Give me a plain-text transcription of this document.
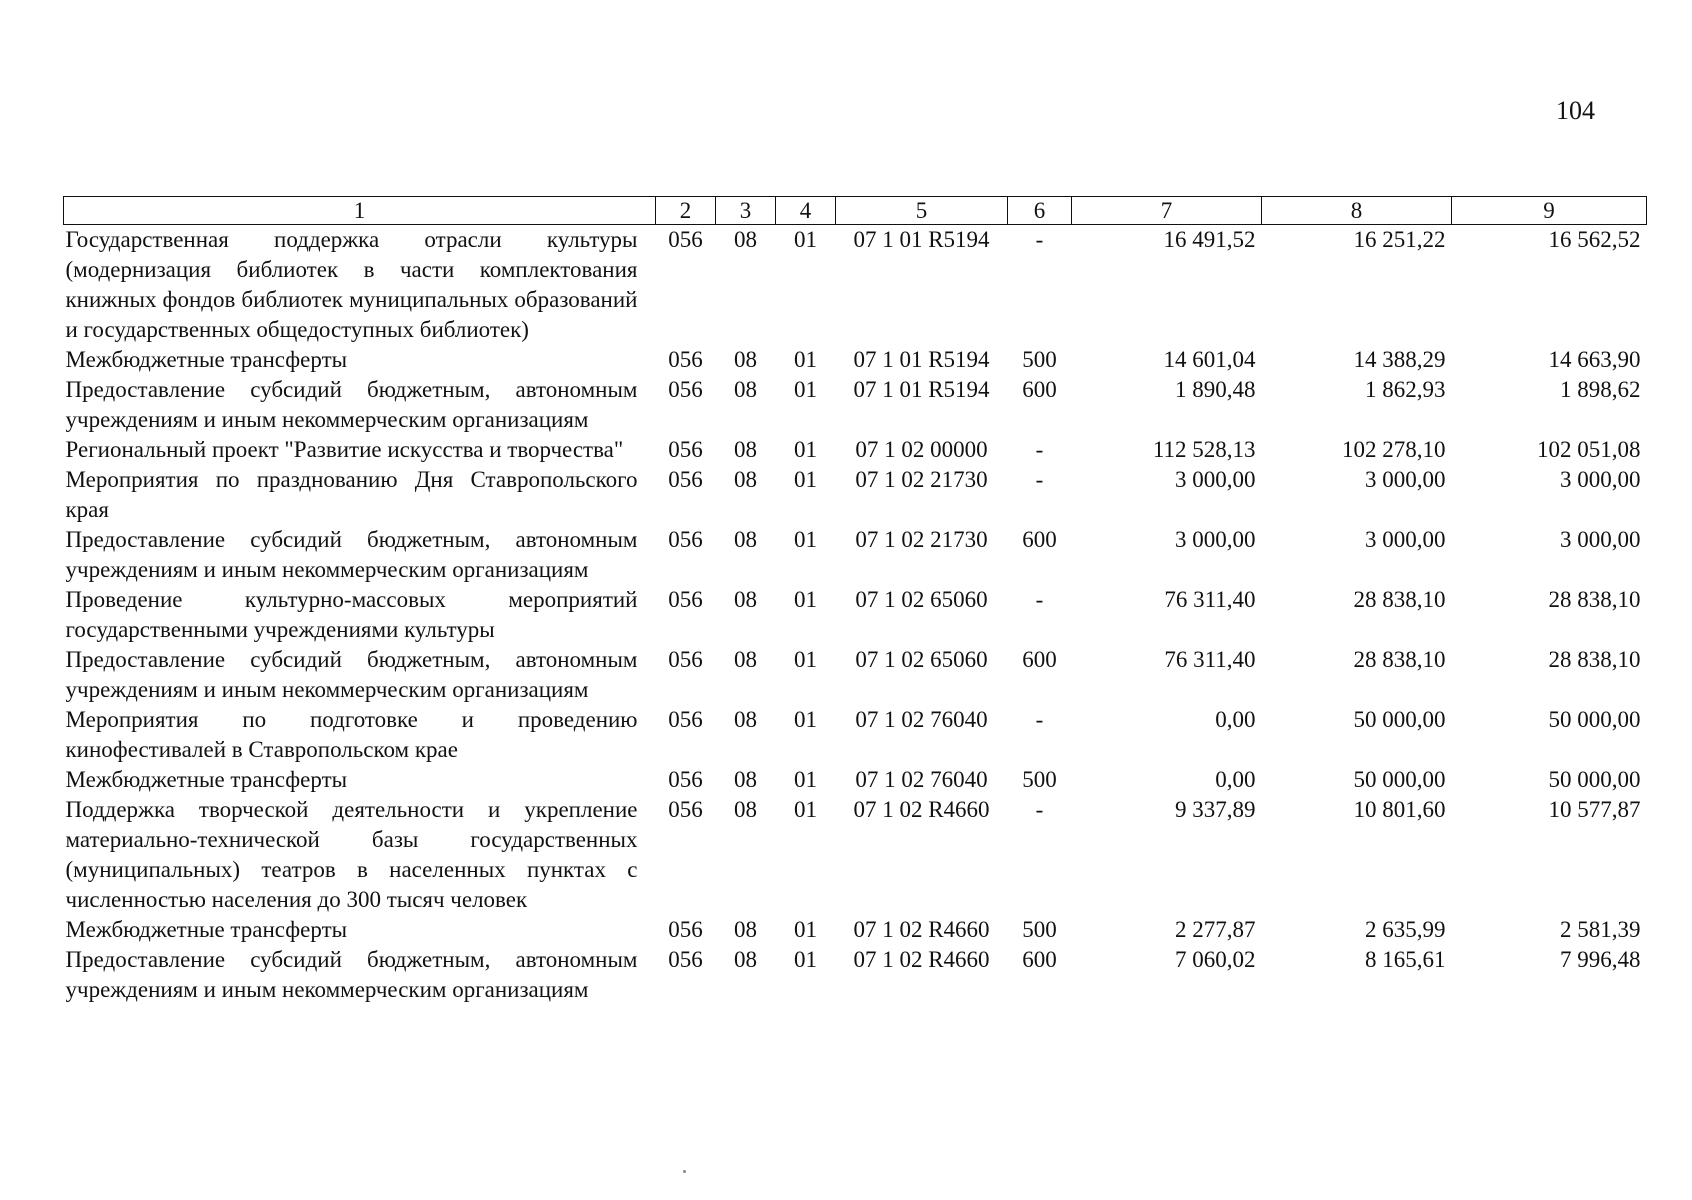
104
1	2	3	4	5	6	7	8	9
Государственная поддержка отрасли культуры (модернизация библиотек в части комплектования книжных фондов библиотек муниципальных образований и государственных общедоступных библиотек)	056	08	01	07 1 01 R5194	-	16 491,52	16 251,22	16 562,52
Межбюджетные трансферты	056	08	01	07 1 01 R5194	500	14 601,04	14 388,29	14 663,90
Предоставление субсидий бюджетным, автономным учреждениям и иным некоммерческим организациям	056	08	01	07 1 01 R5194	600	1 890,48	1 862,93	1 898,62
Региональный проект "Развитие искусства и творчества"	056	08	01	07 1 02 00000	-	112 528,13	102 278,10	102 051,08
Мероприятия по празднованию Дня Ставропольского края	056	08	01	07 1 02 21730	-	3 000,00	3 000,00	3 000,00
Предоставление субсидий бюджетным, автономным учреждениям и иным некоммерческим организациям	056	08	01	07 1 02 21730	600	3 000,00	3 000,00	3 000,00
Проведение культурно-массовых мероприятий государственными учреждениями культуры	056	08	01	07 1 02 65060	-	76 311,40	28 838,10	28 838,10
Предоставление субсидий бюджетным, автономным учреждениям и иным некоммерческим организациям	056	08	01	07 1 02 65060	600	76 311,40	28 838,10	28 838,10
Мероприятия по подготовке и проведению кинофестивалей в Ставропольском крае	056	08	01	07 1 02 76040	-	0,00	50 000,00	50 000,00
Межбюджетные трансферты	056	08	01	07 1 02 76040	500	0,00	50 000,00	50 000,00
Поддержка творческой деятельности и укрепление материально-технической базы государственных (муниципальных) театров в населенных пунктах с численностью населения до 300 тысяч человек	056	08	01	07 1 02 R4660	-	9 337,89	10 801,60	10 577,87
Межбюджетные трансферты	056	08	01	07 1 02 R4660	500	2 277,87	2 635,99	2 581,39
Предоставление субсидий бюджетным, автономным учреждениям и иным некоммерческим организациям	056	08	01	07 1 02 R4660	600	7 060,02	8 165,61	7 996,48
